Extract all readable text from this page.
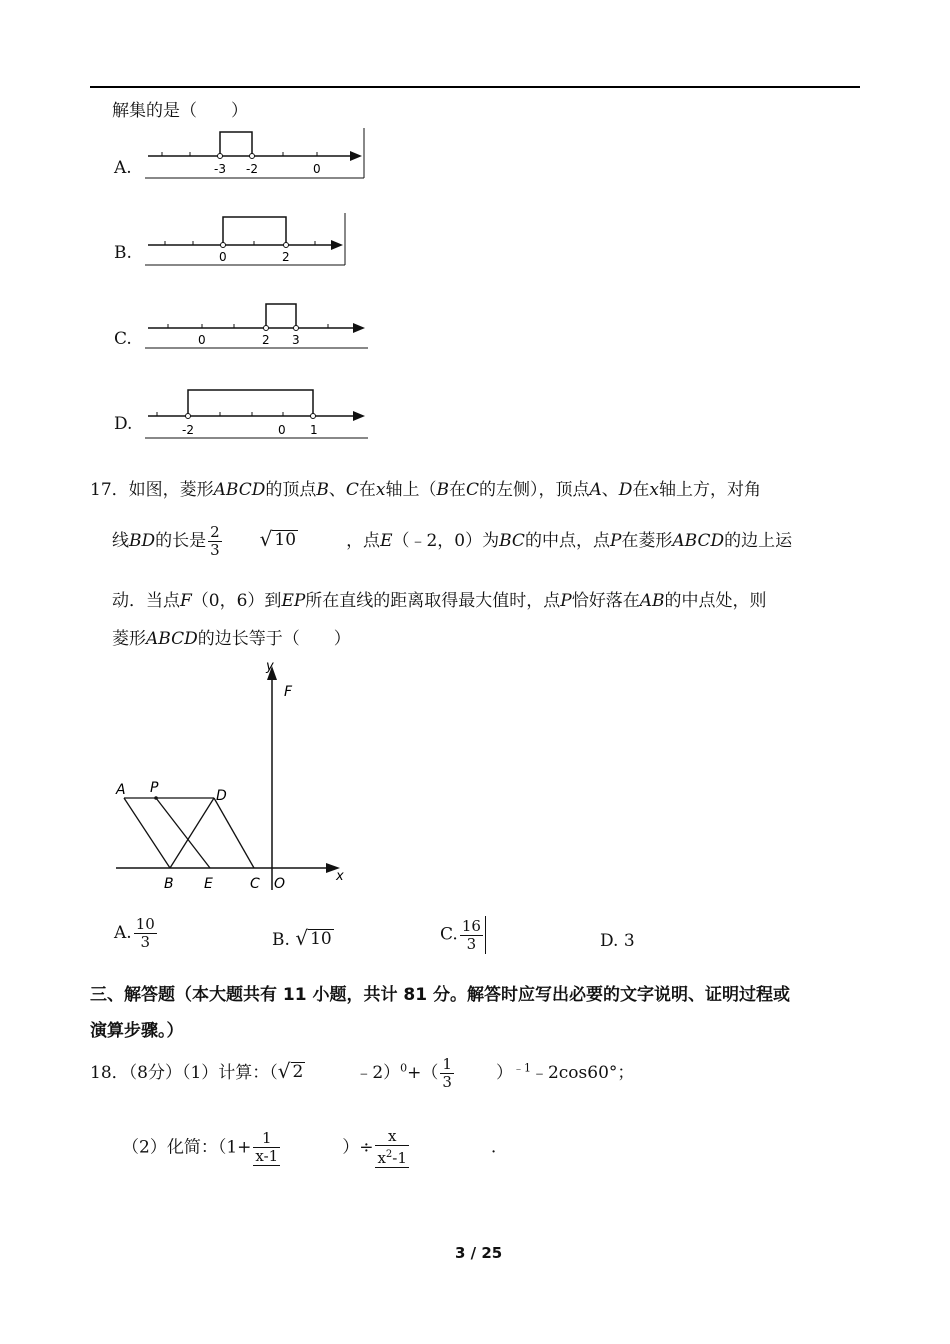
解集的是（　　）
A.	-3 -2	0
B.	0	2
C.	0	2 3
D.	-2	0 1
17．如图，菱形ABCD的顶点B、C在x轴上（B在C的左侧），顶点A、D在x轴上方，对角
线BD的长是 $\frac{2}{3}$ √ 10	，点E（﹣2，0）为BC的中点，点P在菱形ABCD的边上运
动．当点F（0，6）到EP所在直线的距离取得最大值时，点P恰好落在AB的中点处，则
菱形ABCD的边长等于（　　）
y
F
A P	D
B E	C O	x
A. $\frac{10}{3}$	B. √ 10	C. $\frac{16}{3}$	D. 3
三、解答题（本大题共有 11 小题，共计 81 分。解答时应写出必要的文字说明、证明过程或
演算步骤。）
18．（8分）（1）计算：（ √ 2	﹣2）$^0$+（ $\frac{1}{3}$ ）$^{﹣1}$﹣2cos60°；
（2）化简：（$1+ \frac{1}{x-1}$	）÷ $\frac{x}{x^2-1}$	.
3 / 25
